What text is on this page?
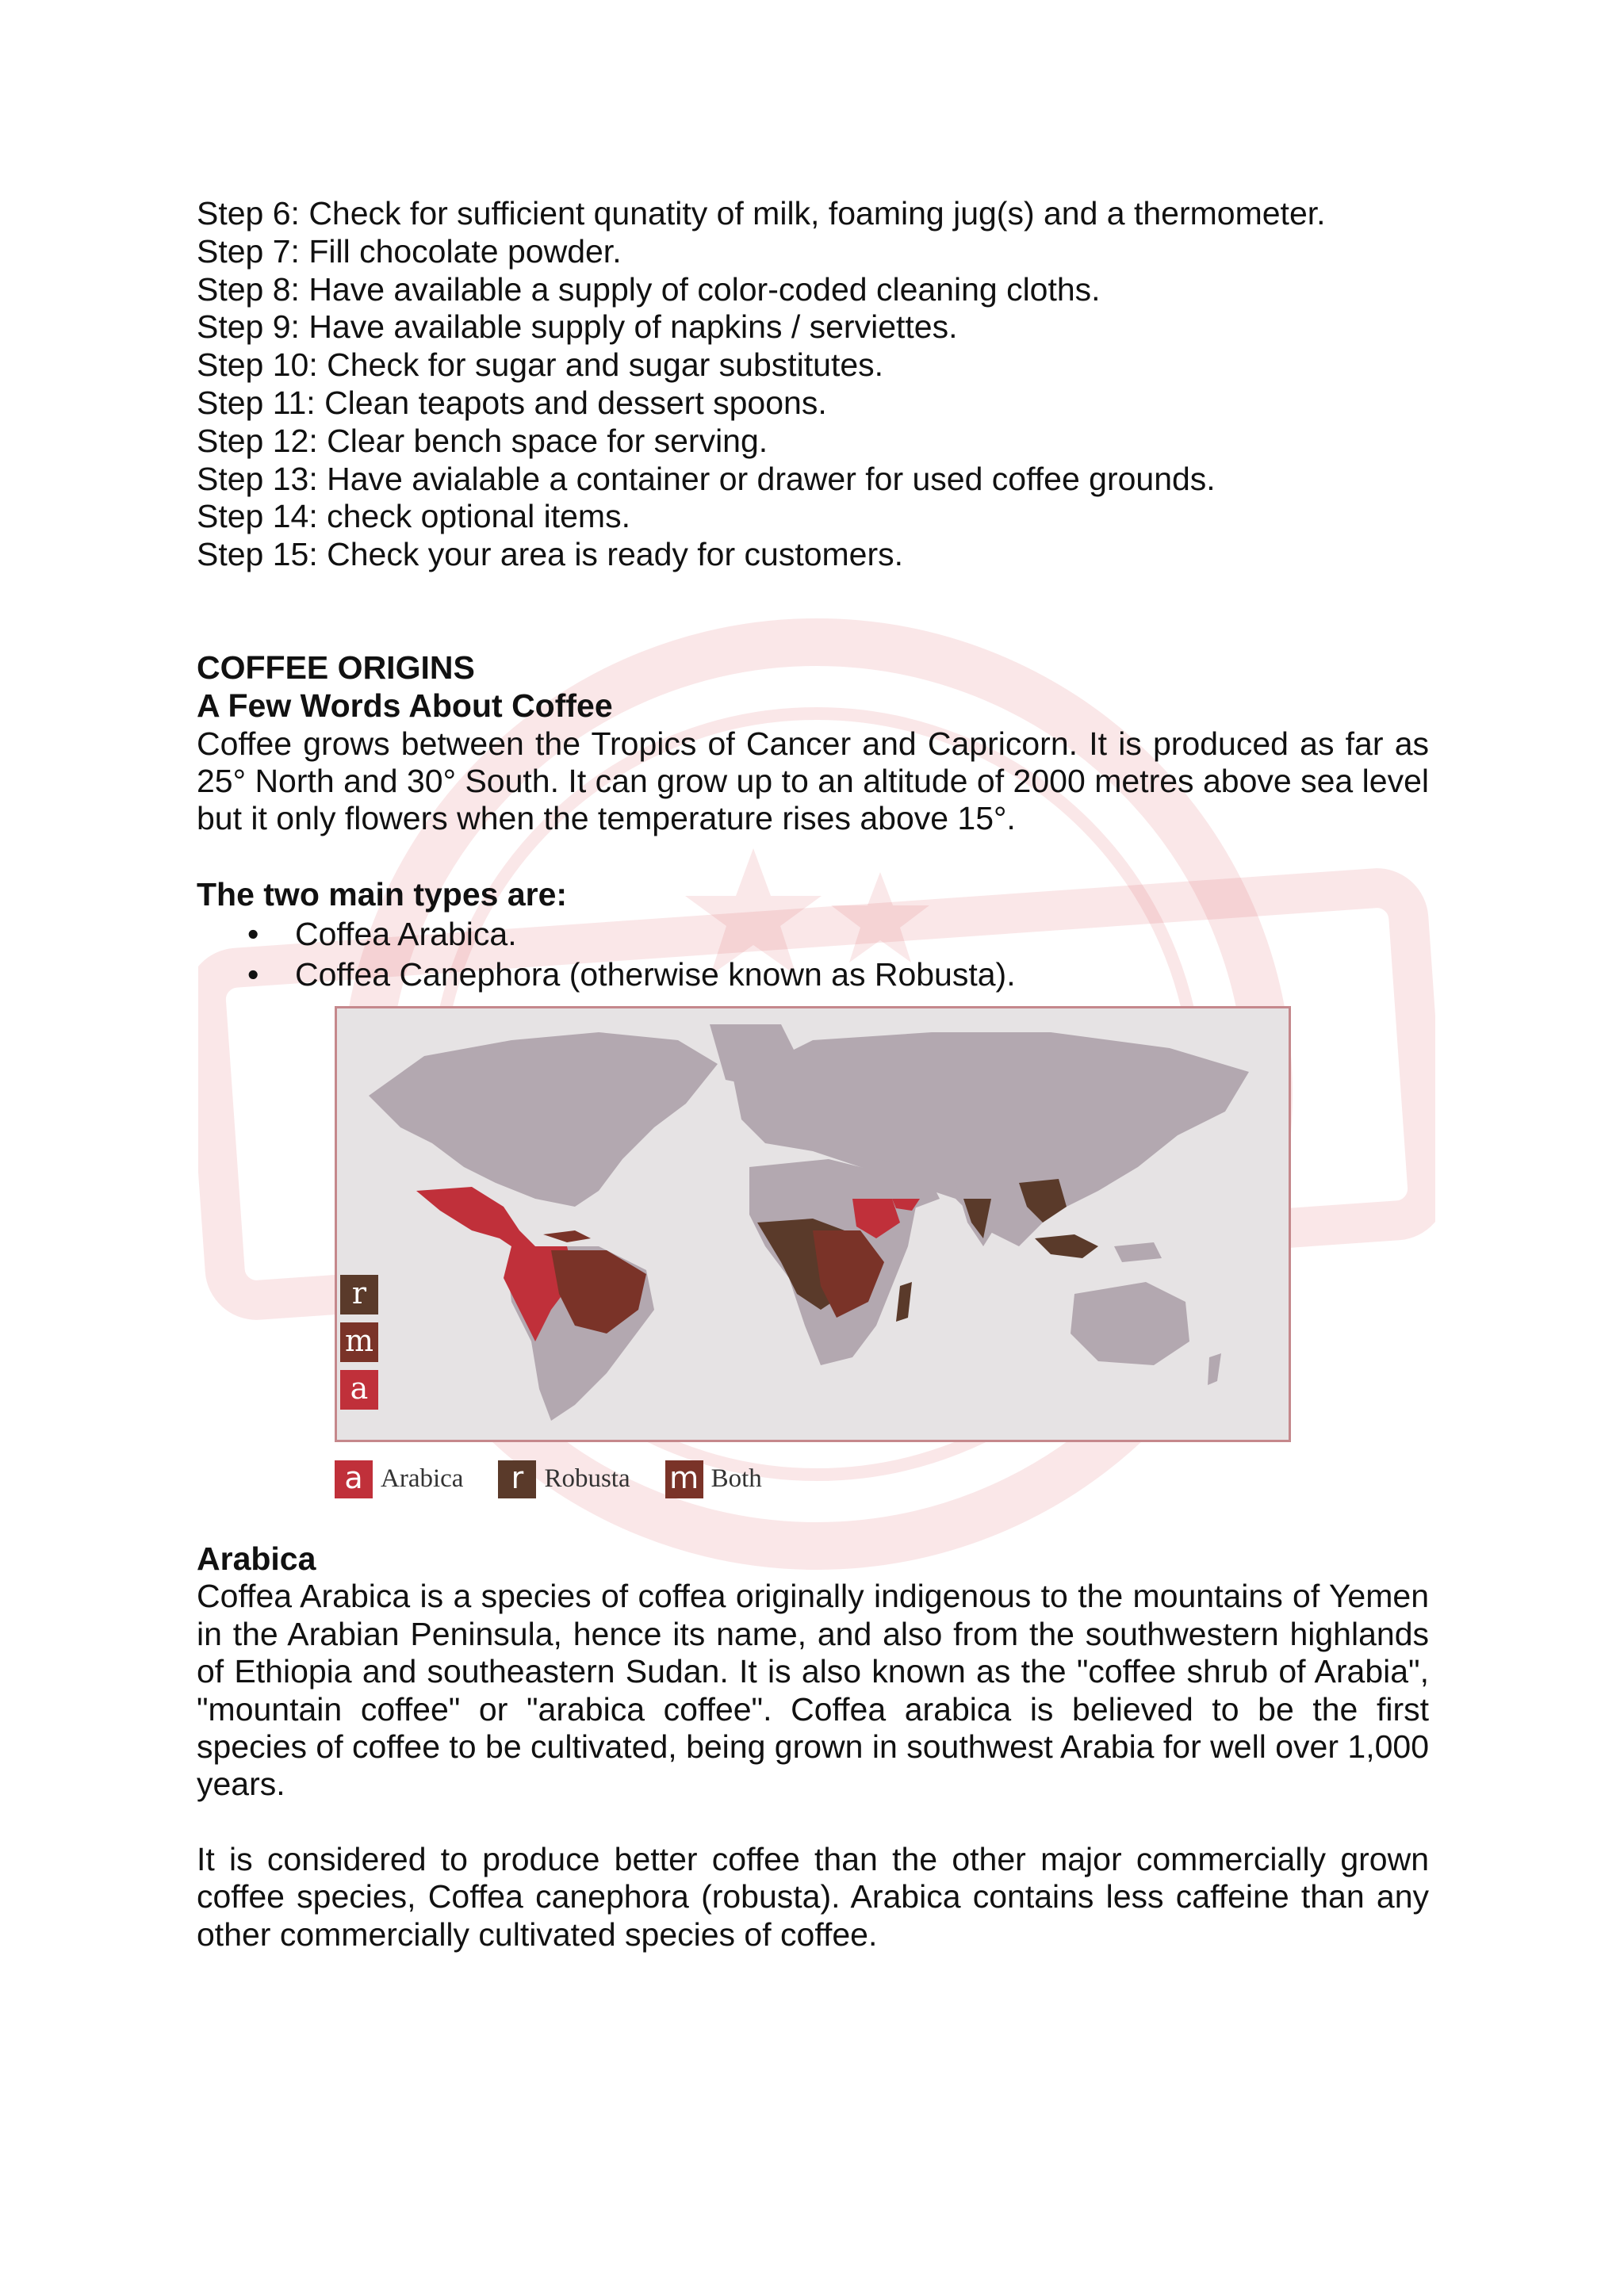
Step 6: Check for sufficient qunatity of milk, foaming jug(s) and a thermometer.
Step 7: Fill chocolate powder.
Step 8: Have available a supply of color-coded cleaning cloths.
Step 9: Have available supply of napkins / serviettes.
Step 10: Check for sugar and sugar substitutes.
Step 11: Clean teapots and dessert spoons.
Step 12: Clear bench space for serving.
Step 13: Have avialable a container or drawer for used coffee grounds.
Step 14: check optional items.
Step 15: Check your area is ready for customers.
COFFEE ORIGINS
A Few Words About Coffee
Coffee grows between the Tropics of Cancer and Capricorn. It is produced as far as 25° North and 30° South. It can grow up to an altitude of 2000 metres above sea level but it only flowers when the temperature rises above 15°.
The two main types are:
• Coffea Arabica.
• Coffea Canephora (otherwise known as Robusta).
r
m
a
a Arabica	r Robusta m Both
Arabica
Coffea Arabica is a species of coffea originally indigenous to the mountains of Yemen in the Arabian Peninsula, hence its name, and also from the southwestern highlands of Ethiopia and southeastern Sudan. It is also known as the "coffee shrub of Arabia", "mountain coffee" or "arabica coffee". Coffea arabica is believed to be the first species of coffee to be cultivated, being grown in southwest Arabia for well over 1,000 years.
It is considered to produce better coffee than the other major commercially grown coffee species, Coffea canephora (robusta). Arabica contains less caffeine than any other commercially cultivated species of coffee.
